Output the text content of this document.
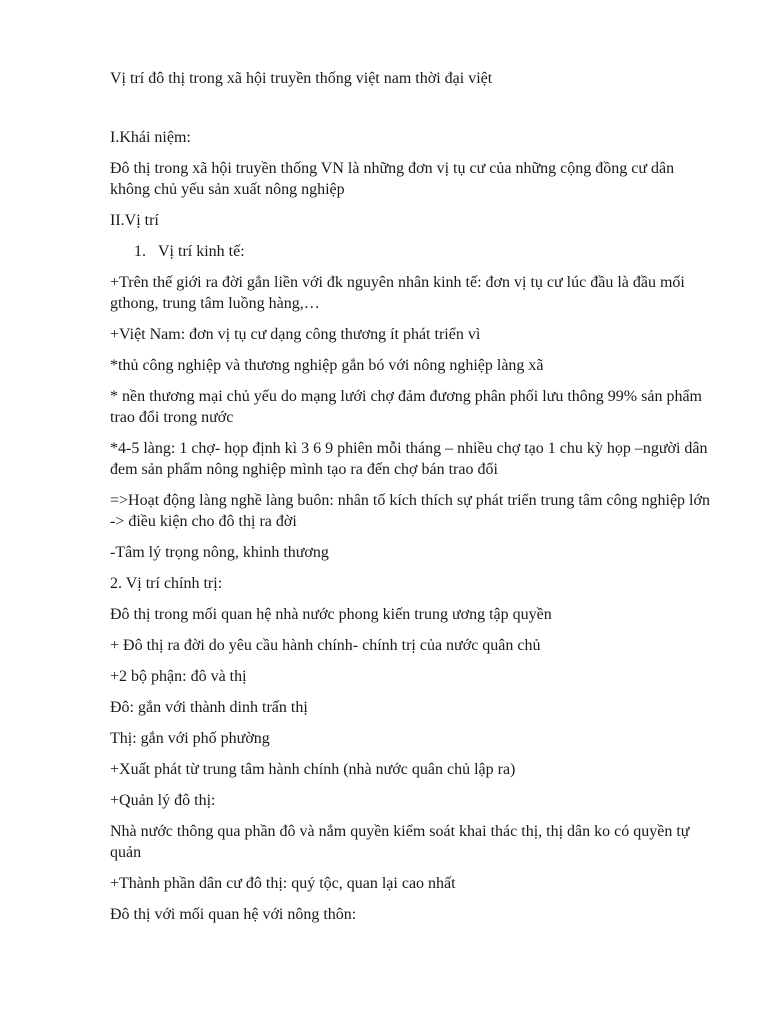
Vị trí đô thị trong xã hội truyền thống việt nam thời đại việt

I.Khái niệm:

Đô thị trong xã hội truyền thống VN là những đơn vị tụ cư của những cộng đồng cư dân không chủ yếu sản xuất nông nghiệp

II.Vị trí

1. Vị trí kinh tế:

+Trên thế giới ra đời gắn liền với đk nguyên nhân kinh tế: đơn vị tụ cư lúc đầu là đầu mối gthong, trung tâm luồng hàng,…

+Việt Nam: đơn vị tụ cư dạng công thương ít phát triển vì

*thủ công nghiệp và thương nghiệp gắn bó với nông nghiệp làng xã

* nền thương mại chủ yếu do mạng lưới chợ đảm đương phân phối lưu thông 99% sản phẩm trao đổi trong nước

*4-5 làng: 1 chợ- họp định kì 3 6 9 phiên mỗi tháng – nhiều chợ tạo 1 chu kỳ họp –người dân đem sản phẩm nông nghiệp mình tạo ra đến chợ bán trao đổi

=>Hoạt động làng nghề làng buôn: nhân tố kích thích sự phát triển trung tâm công nghiệp lớn -> điều kiện cho đô thị ra đời

-Tâm lý trọng nông, khinh thương

2. Vị trí chính trị:

Đô thị trong mối quan hệ nhà nước phong kiến trung ương tập quyền

+ Đô thị ra đời do yêu cầu hành chính- chính trị của nước quân chủ

+2 bộ phận: đô và thị

Đô: gắn với thành dinh trấn thị

Thị: gắn với phố phường

+Xuất phát từ trung tâm hành chính (nhà nước quân chủ lập ra)

+Quản lý đô thị:

Nhà nước thông qua phần đô và nắm quyền kiểm soát khai thác thị, thị dân ko có quyền tự quản

+Thành phần dân cư đô thị: quý tộc, quan lại cao nhất

Đô thị với mối quan hệ với nông thôn:
